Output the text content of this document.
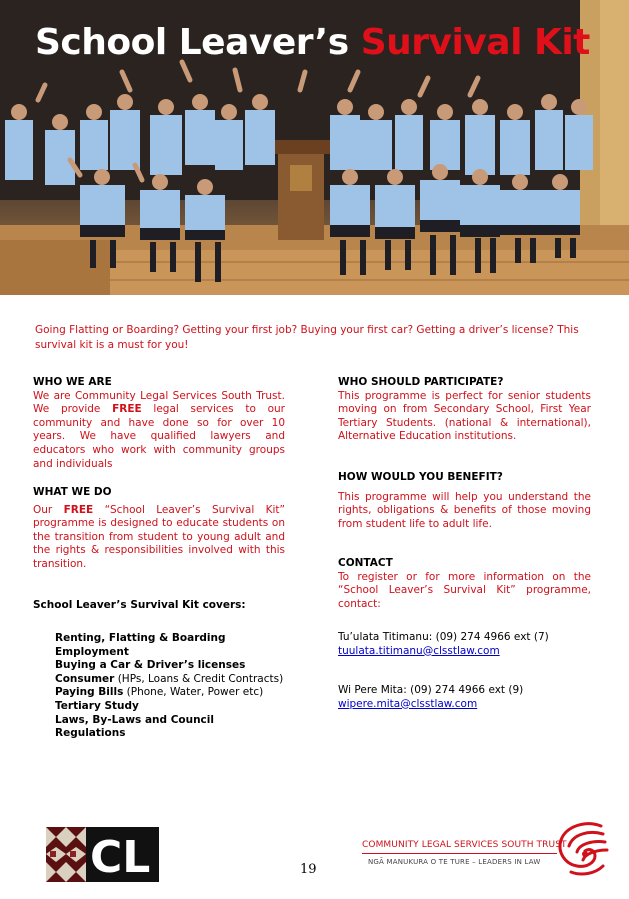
School Leaver’s Survival Kit
Going Flatting or Boarding? Getting your first job? Buying your first car? Getting a driver’s license? This survival kit is a must for you!
WHO WE ARE
We are Community Legal Services South Trust. We provide FREE legal services to our community and have done so for over 10 years. We have qualified lawyers and educators who work with community groups and individuals
WHAT WE DO
Our FREE “School Leaver’s Survival Kit” programme is designed to educate students on the transition from student to young adult and the rights & responsibilities involved with this transition.
School Leaver’s Survival Kit covers:
Renting, Flatting & Boarding
Employment
Buying a Car & Driver’s licenses
Consumer (HPs, Loans & Credit Contracts)
Paying Bills (Phone, Water, Power etc)
Tertiary Study
Laws, By-Laws and Council Regulations
WHO SHOULD PARTICIPATE?
This programme is perfect for senior students moving on from Secondary School, First Year Tertiary Students. (national & international), Alternative Education institutions.
HOW WOULD YOU BENEFIT?
This programme will help you understand the rights, obligations & benefits of those moving from student life to adult life.
CONTACT
To register or for more information on the “School Leaver’s Survival Kit” programme, contact:
Tu’ulata Titimanu: (09) 274 4966 ext (7)
tuulata.titimanu@clsstlaw.com
Wi Pere Mita: (09) 274 4966 ext (9)
wipere.mita@clsstlaw.com
CL	19
COMMUNITY LEGAL SERVICES SOUTH TRUST
NGĀ MANUKURA O TE TURE – LEADERS IN LAW
